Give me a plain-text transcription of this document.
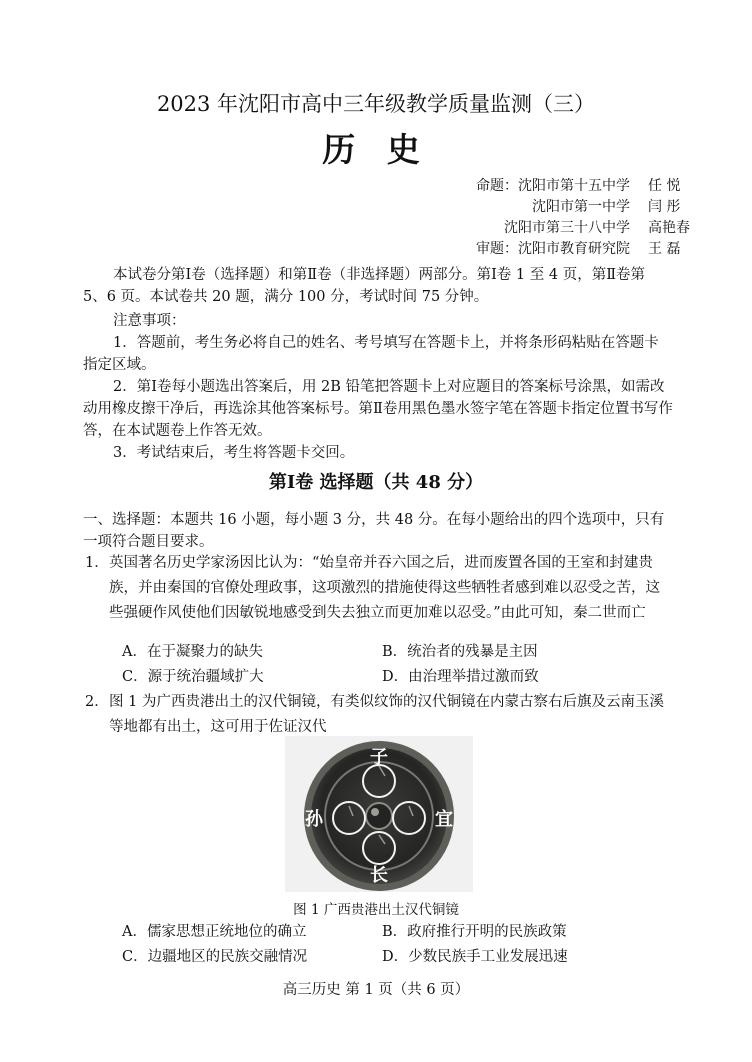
2023 年沈阳市高中三年级教学质量监测（三）
历 史
命题： 沈阳市第十五中学 任 悦
沈阳市第一中学 闫 彤
沈阳市第三十八中学 高艳春
审题： 沈阳市教育研究院 王 磊
本试卷分第Ⅰ卷（选择题）和第Ⅱ卷（非选择题）两部分。第Ⅰ卷 1 至 4 页，第Ⅱ卷第 5、6 页。本试卷共 20 题，满分 100 分，考试时间 75 分钟。
注意事项：
1．答题前，考生务必将自己的姓名、考号填写在答题卡上，并将条形码粘贴在答题卡指定区域。
2．第Ⅰ卷每小题选出答案后，用 2B 铅笔把答题卡上对应题目的答案标号涂黑，如需改动用橡皮擦干净后，再选涂其他答案标号。第Ⅱ卷用黑色墨水签字笔在答题卡指定位置书写作答，在本试题卷上作答无效。
3．考试结束后，考生将答题卡交回。
第Ⅰ卷 选择题（共 48 分）
一、选择题：本题共 16 小题，每小题 3 分，共 48 分。在每小题给出的四个选项中，只有一项符合题目要求。
1． 英国著名历史学家汤因比认为：“始皇帝并吞六国之后，进而废置各国的王室和封建贵族，并由秦国的官僚处理政事，这项激烈的措施使得这些牺牲者感到难以忍受之苦，这些强硬作风使他们因敏锐地感受到失去独立而更加难以忍受。”由此可知，秦二世而亡
A．在于凝聚力的缺失	B．统治者的残暴是主因
C．源于统治疆域扩大	D．由治理举措过激而致
2． 图 1 为广西贵港出土的汉代铜镜，有类似纹饰的汉代铜镜在内蒙古察右后旗及云南玉溪等地都有出土，这可用于佐证汉代
子
孙	宜
长
图 1 广西贵港出土汉代铜镜
A．儒家思想正统地位的确立	B．政府推行开明的民族政策
C．边疆地区的民族交融情况	D．少数民族手工业发展迅速
高三历史 第 1 页（共 6 页）
